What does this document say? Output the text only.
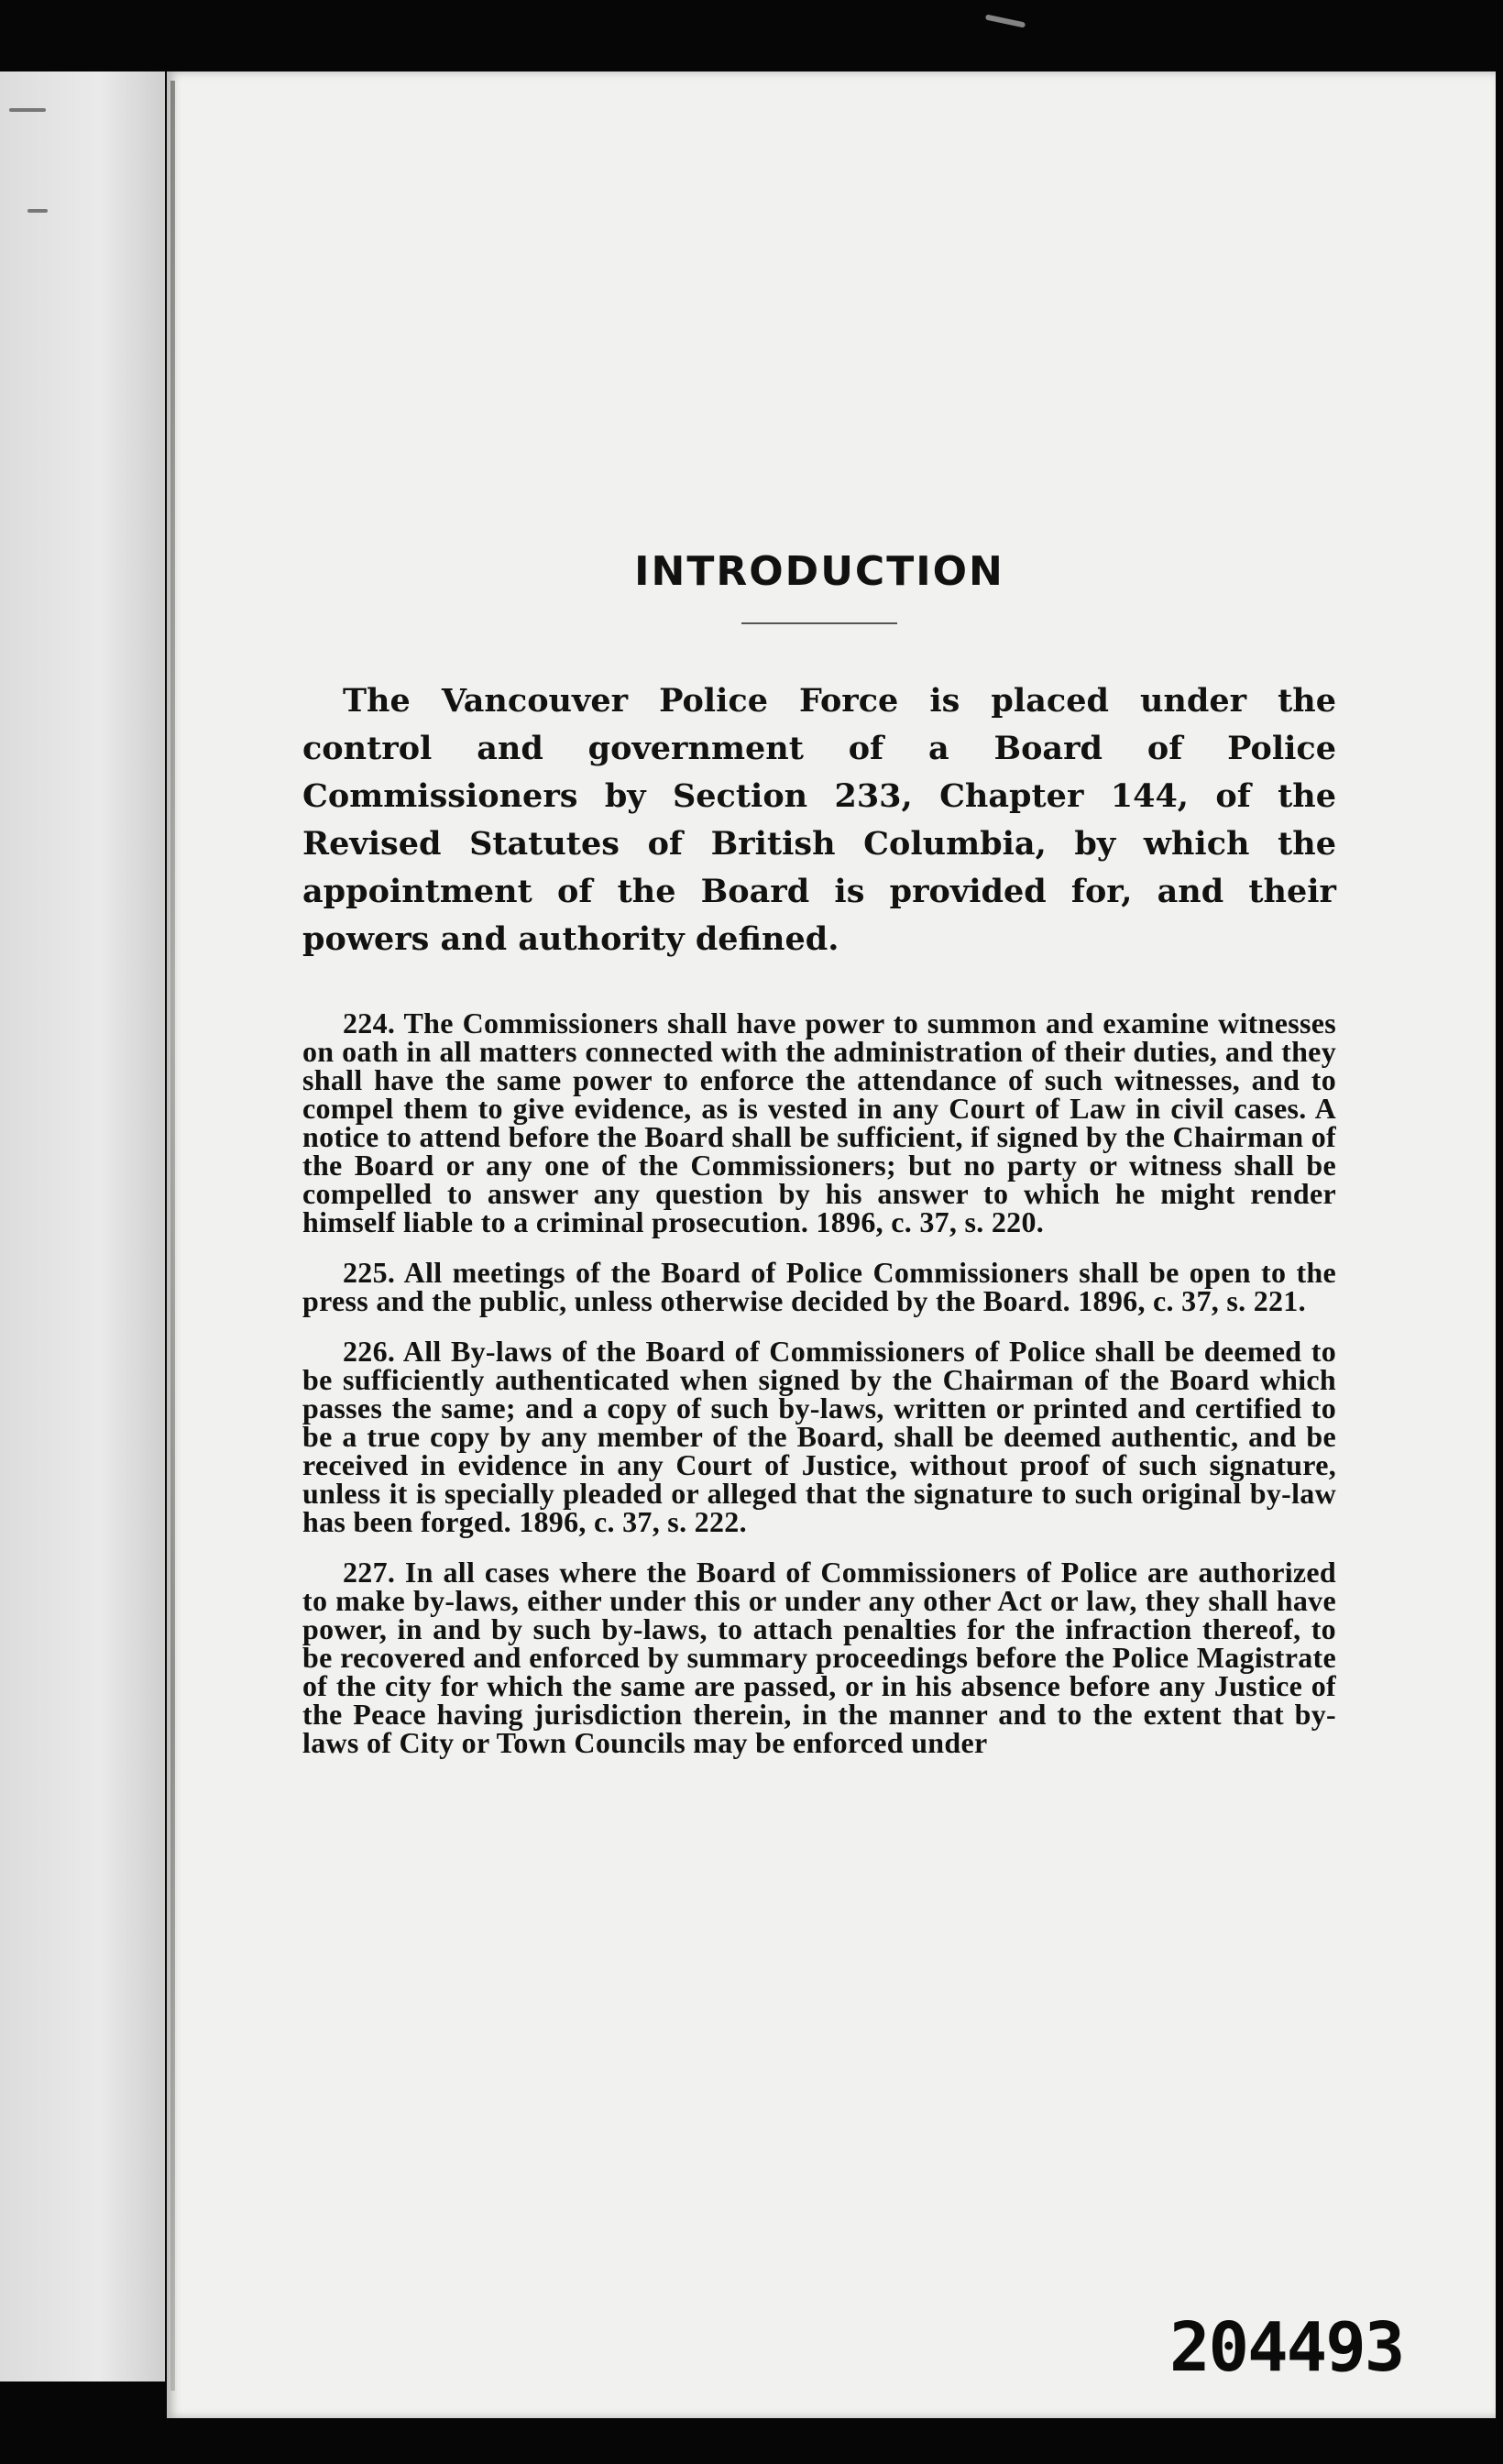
INTRODUCTION

The Vancouver Police Force is placed under the control and government of a Board of Police Commissioners by Section 233, Chapter 144, of the Revised Statutes of British Columbia, by which the appointment of the Board is provided for, and their powers and authority defined.

224. The Commissioners shall have power to summon and examine witnesses on oath in all matters connected with the administration of their duties, and they shall have the same power to enforce the attendance of such witnesses, and to compel them to give evidence, as is vested in any Court of Law in civil cases. A notice to attend before the Board shall be sufficient, if signed by the Chairman of the Board or any one of the Commissioners; but no party or witness shall be compelled to answer any question by his answer to which he might render himself liable to a criminal prosecution. 1896, c. 37, s. 220.

225. All meetings of the Board of Police Commissioners shall be open to the press and the public, unless otherwise decided by the Board. 1896, c. 37, s. 221.

226. All By-laws of the Board of Commissioners of Police shall be deemed to be sufficiently authenticated when signed by the Chairman of the Board which passes the same; and a copy of such by-laws, written or printed and certified to be a true copy by any member of the Board, shall be deemed authentic, and be received in evidence in any Court of Justice, without proof of such signature, unless it is specially pleaded or alleged that the signature to such original by-law has been forged. 1896, c. 37, s. 222.

227. In all cases where the Board of Commissioners of Police are authorized to make by-laws, either under this or under any other Act or law, they shall have power, in and by such by-laws, to attach penalties for the infraction thereof, to be recovered and enforced by summary proceedings before the Police Magistrate of the city for which the same are passed, or in his absence before any Justice of the Peace having jurisdiction therein, in the manner and to the extent that by-laws of City or Town Councils may be enforced under

204493
